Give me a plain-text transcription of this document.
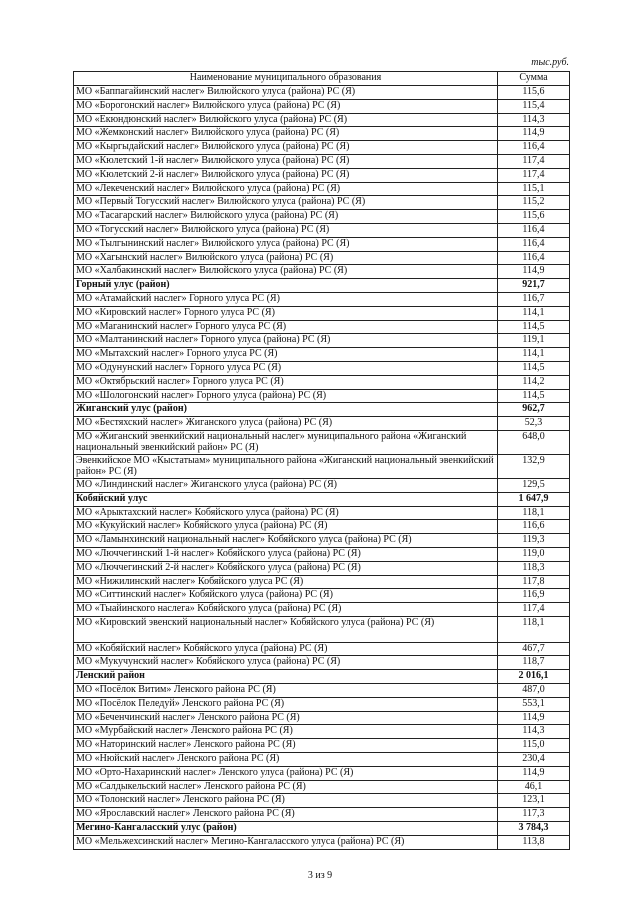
тыс.руб.
Наименование муниципального образования	Сумма
МО «Баппагайинский наслег» Вилюйского улуса (района) РС (Я)	115,6
МО «Борогонский наслег» Вилюйского улуса (района) РС (Я)	115,4
МО «Екюндюнский наслег» Вилюйского улуса (района) РС (Я)	114,3
МО «Жемконский наслег» Вилюйского улуса (района) РС (Я)	114,9
МО «Кыргыдайский наслег» Вилюйского улуса (района) РС (Я)	116,4
МО «Кюлетский 1-й наслег» Вилюйского улуса (района) РС (Я)	117,4
МО «Кюлетский 2-й наслег» Вилюйского улуса (района) РС (Я)	117,4
МО «Лекеченский наслег» Вилюйского улуса (района) РС (Я)	115,1
МО «Первый Тогусский наслег» Вилюйского улуса (района) РС (Я)	115,2
МО «Тасагарский наслег» Вилюйского улуса (района) РС (Я)	115,6
МО «Тогусский наслег» Вилюйского улуса (района) РС (Я)	116,4
МО «Тылгынинский наслег» Вилюйского улуса (района) РС (Я)	116,4
МО «Хагынский наслег» Вилюйского улуса (района) РС (Я)	116,4
МО «Халбакинский наслег» Вилюйского улуса (района) РС (Я)	114,9
Горный улус (район)	921,7
МО «Атамайский наслег» Горного улуса РС (Я)	116,7
МО «Кировский наслег» Горного улуса РС (Я)	114,1
МО «Маганинский наслег» Горного улуса РС (Я)	114,5
МО «Малтанинский наслег» Горного улуса (района) РС (Я)	119,1
МО «Мытахский наслег» Горного улуса РС (Я)	114,1
МО «Одунунский наслег» Горного улуса РС (Я)	114,5
МО «Октябрьский наслег» Горного улуса РС (Я)	114,2
МО «Шологонский наслег» Горного улуса (района) РС (Я)	114,5
Жиганский улус (район)	962,7
МО «Бестяхский наслег» Жиганского улуса (района) РС (Я)	52,3
МО «Жиганский эвенкийский национальный наслег» муниципального района «Жиганский национальный эвенкийский район» РС (Я)	648,0
Эвенкийское МО «Кыстатыам» муниципального района «Жиганский национальный эвенкийский район» РС (Я)	132,9
МО «Линдинский наслег» Жиганского улуса (района) РС (Я)	129,5
Кобяйский улус	1 647,9
МО «Арыктахский наслег» Кобяйского улуса (района) РС (Я)	118,1
МО «Кукуйский наслег» Кобяйского улуса (района) РС (Я)	116,6
МО «Ламынхинский национальный наслег» Кобяйского улуса (района) РС (Я)	119,3
МО «Люччегинский 1-й наслег» Кобяйского улуса (района) РС (Я)	119,0
МО «Люччегинский 2-й наслег» Кобяйского улуса (района) РС (Я)	118,3
МО «Нижилинский наслег» Кобяйского улуса РС (Я)	117,8
МО «Ситтинский наслег» Кобяйского улуса (района) РС (Я)	116,9
МО «Тыайинского наслега» Кобяйского улуса (района) РС (Я)	117,4
МО «Кировский эвенский национальный наслег» Кобяйского улуса (района) РС (Я)	118,1
МО «Кобяйский наслег» Кобяйского улуса (района) РС (Я)	467,7
МО «Мукучунский наслег» Кобяйского улуса (района) РС (Я)	118,7
Ленский район	2 016,1
МО «Посёлок Витим» Ленского района РС (Я)	487,0
МО «Посёлок Пеледуй» Ленского района РС (Я)	553,1
МО «Беченчинский наслег» Ленского района РС (Я)	114,9
МО «Мурбайский наслег» Ленского района РС (Я)	114,3
МО «Наторинский наслег» Ленского района РС (Я)	115,0
МО «Нюйский наслег» Ленского района РС (Я)	230,4
МО «Орто-Нахаринский наслег» Ленского улуса (района) РС (Я)	114,9
МО «Салдыкельский наслег» Ленского района РС (Я)	46,1
МО «Толонский наслег» Ленского района РС (Я)	123,1
МО «Ярославский наслег» Ленского района РС (Я)	117,3
Мегино-Кангаласский улус (район)	3 784,3
МО «Мельжехсинский наслег» Мегино-Кангаласского улуса (района) РС (Я)	113,8
3 из 9
